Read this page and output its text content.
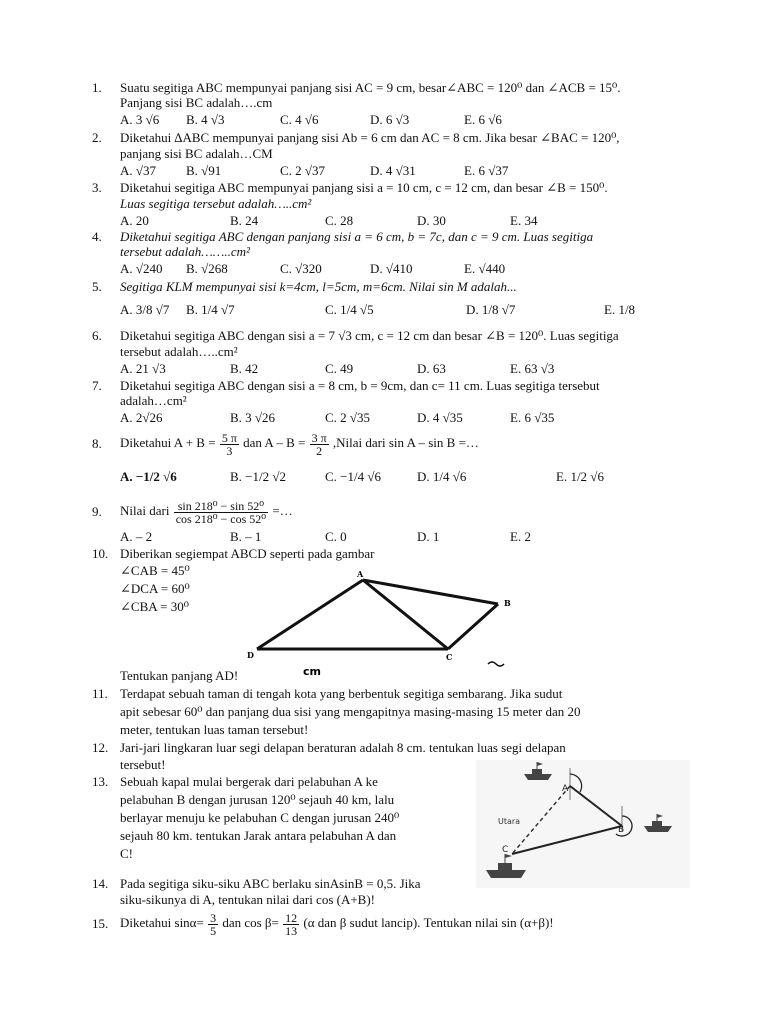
1.	Suatu segitiga ABC mempunyai panjang sisi AC = 9 cm, besar∠ABC = 120⁰ dan ∠ACB = 15⁰.
Panjang sisi BC adalah….cm
A. 3 √6 B. 4 √3	C. 4 √6	D. 6 √3	E. 6 √6
2.	Diketahui ∆ABC mempunyai panjang sisi Ab = 6 cm dan AC = 8 cm. Jika besar ∠BAC = 120⁰,
panjang sisi BC adalah…CM
A. √37 B. √91	C. 2 √37	D. 4 √31	E. 6 √37
3.	Diketahui segitiga ABC mempunyai panjang sisi a = 10 cm, c = 12 cm, dan besar ∠B = 150⁰.
Luas segitiga tersebut adalah…..cm²
A. 20	B. 24	C. 28	D. 30	E. 34
4.	Diketahui segitiga ABC dengan panjang sisi a = 6 cm, b = 7c, dan c = 9 cm. Luas segitiga
tersebut adalah……..cm²
A. √240 B. √268	C. √320	D. √410	E. √440
5.	Segitiga KLM mempunyai sisi k=4cm, l=5cm, m=6cm. Nilai sin M adalah...
A. 3/8 √7 B. 1/4 √7	C. 1/4 √5	D. 1/8 √7	E. 1/8
6.	Diketahui segitiga ABC dengan sisi a = 7 √3 cm, c = 12 cm dan besar ∠B = 120⁰. Luas segitiga
tersebut adalah…..cm²
A. 21 √3	B. 42	C. 49	D. 63	E. 63 √3
7.	Diketahui segitiga ABC dengan sisi a = 8 cm, b = 9cm, dan c= 11 cm. Luas segitiga tersebut
adalah…cm²
A. 2√26	B. 3 √26	C. 2 √35	D. 4 √35	E. 6 √35
8.	Diketahui $A + B = \frac{5 \pi}{3}$ dan $A - B = \frac{3 \pi}{2}$ ,Nilai dari sin A – sin B =…
A. −1/2 √6	B. −1/2 √2	C. −1/4 √6	D. 1/4 √6	E. 1/2 √6
9.	Nilai dari $\frac{\text{sin 218⁰ − sin 52⁰}}{\text{cos 218⁰ − cos 52⁰}}$ =…
A. – 2	B. – 1	C. 0	D. 1	E. 2
10. Diberikan segiempat ABCD seperti pada gambar
∠CAB = 45⁰
∠DCA = 60⁰
∠CBA = 30⁰
A
B
C
D
cm
Tentukan panjang AD!
11. Terdapat sebuah taman di tengah kota yang berbentuk segitiga sembarang. Jika sudut
apit sebesar 60⁰ dan panjang dua sisi yang mengapitnya masing-masing 15 meter dan 20
meter, tentukan luas taman tersebut!
12. Jari-jari lingkaran luar segi delapan beraturan adalah 8 cm. tentukan luas segi delapan
tersebut!
13. Sebuah kapal mulai bergerak dari pelabuhan A ke
pelabuhan B dengan jurusan 120⁰ sejauh 40 km, lalu
berlayar menuju ke pelabuhan C dengan jurusan 240⁰
sejauh 80 km. tentukan Jarak antara pelabuhan A dan
C!
A
B
C
Utara
14. Pada segitiga siku-siku ABC berlaku sinAsinB = 0,5. Jika
siku-sikunya di A, tentukan nilai dari cos (A+B)!
15. Diketahui $\sin\alpha= \frac{3}{5}$ dan $\cos \beta= \frac{12}{13} (\alpha$ dan β sudut lancip). Tentukan nilai sin (α+β)!
